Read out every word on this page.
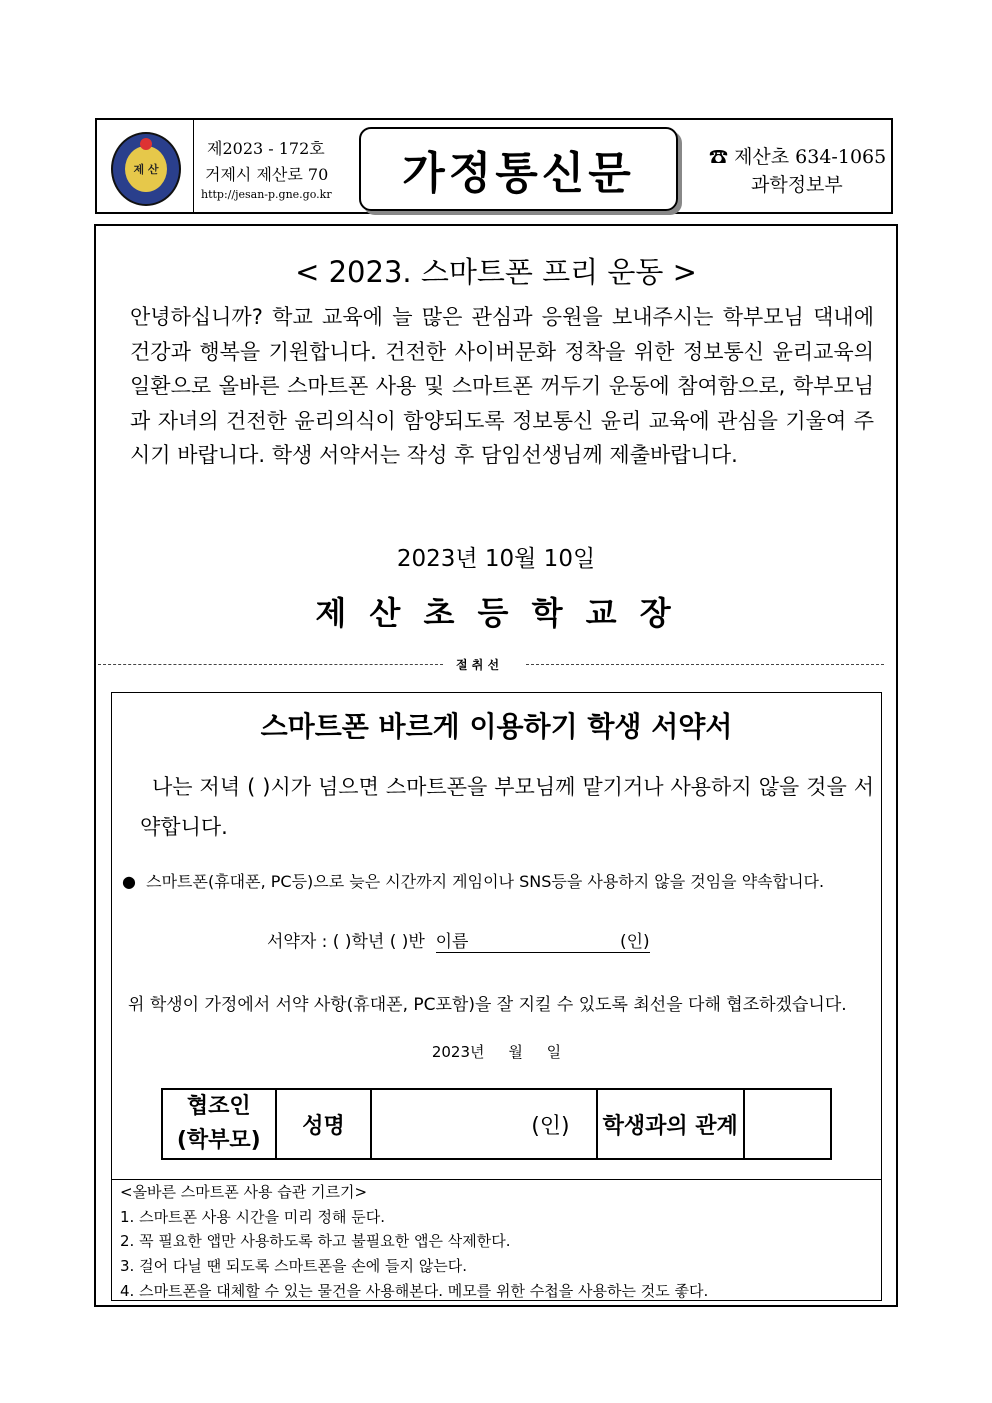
제 산
제2023 - 172호
거제시 제산로 70
http://jesan-p.gne.go.kr	가정통신문	☎ 제산초 634-1065
과학정보부
< 2023. 스마트폰 프리 운동 >
안녕하십니까? 학교 교육에 늘 많은 관심과 응원을 보내주시는 학부모님 댁내에 건강과 행복을 기원합니다. 건전한 사이버문화 정착을 위한 정보통신 윤리교육의 일환으로 올바른 스마트폰 사용 및 스마트폰 꺼두기 운동에 참여함으로, 학부모님과 자녀의 건전한 윤리의식이 함양되도록 정보통신 윤리 교육에 관심을 기울여 주시기 바랍니다. 학생 서약서는 작성 후 담임선생님께 제출바랍니다.
2023년 10월 10일
제 산 초 등 학 교 장
절 취 선
스마트폰 바르게 이용하기 학생 서약서
나는 저녁 ( )시가 넘으면 스마트폰을 부모님께 맡기거나 사용하지 않을 것을 서약합니다.
●  스마트폰(휴대폰, PC등)으로 늦은 시간까지 게임이나 SNS등을 사용하지 않을 것임을 약속합니다.
서약자 : ( )학년 ( )반 이름	(인)
위 학생이 가정에서 서약 사항(휴대폰, PC포함)을 잘 지킬 수 있도록 최선을 다해 협조하겠습니다.
2023년     월     일
협조인
(학부모)
	성명	(인)	학생과의 관계	
<올바른 스마트폰 사용 습관 기르기>
1. 스마트폰 사용 시간을 미리 정해 둔다.
2. 꼭 필요한 앱만 사용하도록 하고 불필요한 앱은 삭제한다.
3. 걸어 다닐 땐 되도록 스마트폰을 손에 들지 않는다.
4. 스마트폰을 대체할 수 있는 물건을 사용해본다. 메모를 위한 수첩을 사용하는 것도 좋다.
